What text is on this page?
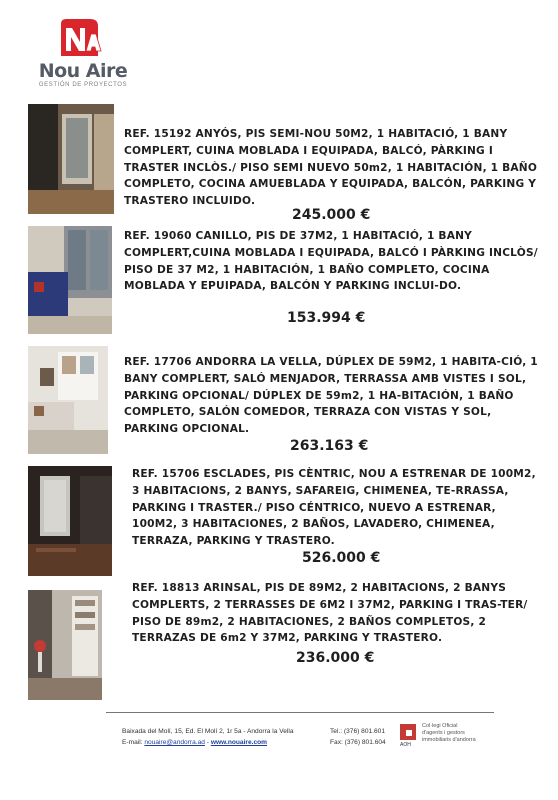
Nou Aire
GESTIÓN DE PROYECTOS
REF. 15192 ANYÓS, PIS SEMI-NOU 50M2, 1 HABITACIÓ, 1 BANY COMPLERT, CUINA MOBLADA I EQUIPADA, BALCÓ, PÀRKING I TRASTER INCLÒS./ PISO SEMI NUEVO 50m2, 1 HABITACIÓN, 1 BAÑO COMPLETO, COCINA AMUEBLADA Y EQUIPADA, BALCÓN, PARKING Y TRASTERO INCLUIDO.
245.000 €
REF. 19060 CANILLO, PIS DE 37M2, 1 HABITACIÓ, 1 BANY COMPLERT,CUINA MOBLADA I EQUIPADA, BALCÓ I PÀRKING INCLÒS/ PISO DE 37 M2, 1 HABITACIÓN, 1 BAÑO COMPLETO, COCINA MOBLADA Y EPUIPADA, BALCÓN Y PARKING INCLUI-DO.
153.994 €
REF. 17706 ANDORRA LA VELLA, DÚPLEX DE 59M2, 1 HABITA-CIÓ, 1 BANY COMPLERT, SALÓ MENJADOR, TERRASSA AMB VISTES I SOL, PARKING OPCIONAL/ DÚPLEX DE 59m2, 1 HA-BITACIÓN, 1 BAÑO COMPLETO, SALÓN COMEDOR, TERRAZA CON VISTAS Y SOL, PARKING OPCIONAL.
263.163 €
REF. 15706 ESCLADES, PIS CÈNTRIC, NOU A ESTRENAR DE 100M2, 3 HABITACIONS, 2 BANYS, SAFAREIG, CHIMENEA, TE-RRASSA, PARKING I TRASTER./ PISO CÉNTRICO, NUEVO A ESTRENAR, 100M2, 3 HABITACIONES, 2 BAÑOS, LAVADERO, CHIMENEA, TERRAZA, PARKING Y TRASTERO.
526.000 €
REF. 18813 ARINSAL, PIS DE 89M2, 2 HABITACIONS, 2 BANYS COMPLERTS, 2 TERRASSES DE 6M2 I 37M2, PARKING I TRAS-TER/ PISO DE 89m2, 2 HABITACIONES, 2 BAÑOS COMPLETOS, 2 TERRAZAS DE 6m2 Y 37M2, PARKING Y TRASTERO.
236.000 €
Baixada del Molí, 15, Ed. El Molí 2, 1r 5a - Andorra la Vella
E-mail: nouaire@andorra.ad - www.nouaire.com
Tel.: (376) 801.601
Fax: (376) 801.604
Col·legi Oficial
d'agents i gestors
immobiliaris d'andorra
AOH
